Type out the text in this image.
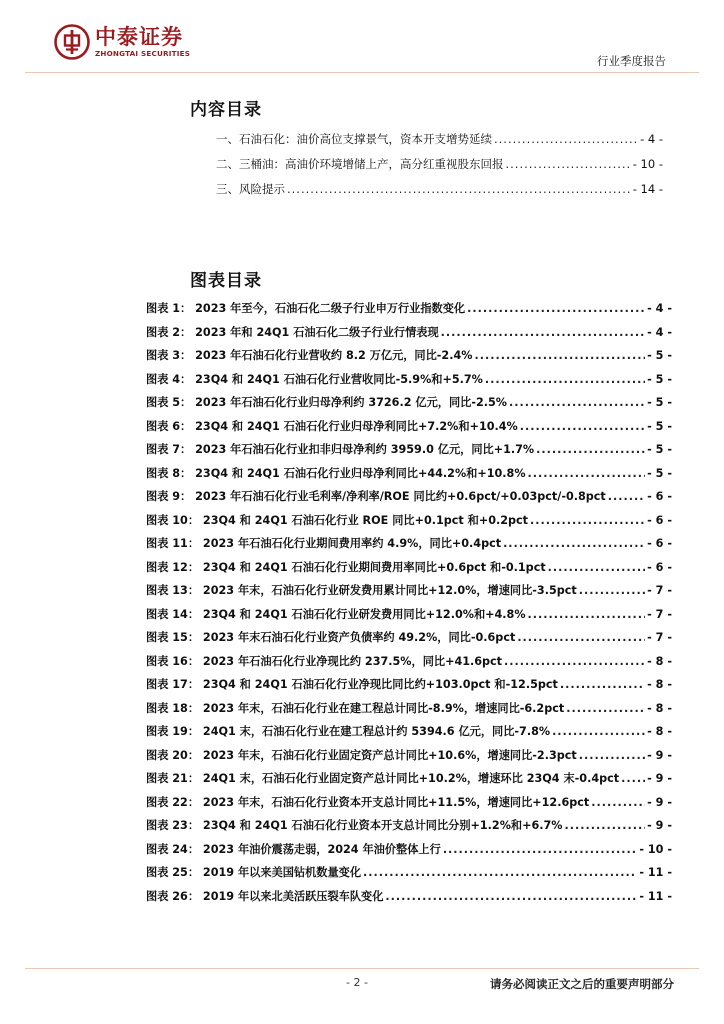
中泰证券
ZHONGTAI SECURITIES
行业季度报告
内容目录
一、石油石化：油价高位支撑景气，资本开支增势延续 .....	- 4 -
二、三桶油：高油价环境增储上产，高分红重视股东回报 .....	- 10 -
三、风险提示 .....	- 14 -
图表目录
图表 1： 2023 年至今，石油石化二级子行业申万行业指数变化 .....	- 4 -
图表 2： 2023 年和 24Q1 石油石化二级子行业行情表现 .....	- 4 -
图表 3： 2023 年石油石化行业营收约 8.2 万亿元，同比-2.4% .....	- 5 -
图表 4： 23Q4 和 24Q1 石油石化行业营收同比-5.9%和+5.7% .....	- 5 -
图表 5： 2023 年石油石化行业归母净利约 3726.2 亿元，同比-2.5% .....	- 5 -
图表 6： 23Q4 和 24Q1 石油石化行业归母净利同比+7.2%和+10.4% .....	- 5 -
图表 7： 2023 年石油石化行业扣非归母净利约 3959.0 亿元，同比+1.7% .....	- 5 -
图表 8： 23Q4 和 24Q1 石油石化行业归母净利同比+44.2%和+10.8% .....	- 5 -
图表 9： 2023 年石油石化行业毛利率/净利率/ROE 同比约+0.6pct/+0.03pct/-0.8pct .....	- 6 -
图表 10： 23Q4 和 24Q1 石油石化行业 ROE 同比+0.1pct 和+0.2pct .....	- 6 -
图表 11： 2023 年石油石化行业期间费用率约 4.9%，同比+0.4pct .....	- 6 -
图表 12： 23Q4 和 24Q1 石油石化行业期间费用率同比+0.6pct 和-0.1pct .....	- 6 -
图表 13： 2023 年末，石油石化行业研发费用累计同比+12.0%，增速同比-3.5pct .....	- 7 -
图表 14： 23Q4 和 24Q1 石油石化行业研发费用同比+12.0%和+4.8% .....	- 7 -
图表 15： 2023 年末石油石化行业资产负债率约 49.2%，同比-0.6pct .....	- 7 -
图表 16： 2023 年石油石化行业净现比约 237.5%，同比+41.6pct .....	- 8 -
图表 17： 23Q4 和 24Q1 石油石化行业净现比同比约+103.0pct 和-12.5pct .....	- 8 -
图表 18： 2023 年末，石油石化行业在建工程总计同比-8.9%，增速同比-6.2pct .....	- 8 -
图表 19： 24Q1 末，石油石化行业在建工程总计约 5394.6 亿元，同比-7.8% .....	- 8 -
图表 20： 2023 年末，石油石化行业固定资产总计同比+10.6%，增速同比-2.3pct .....	- 9 -
图表 21： 24Q1 末，石油石化行业固定资产总计同比+10.2%，增速环比 23Q4 末-0.4pct .....	- 9 -
图表 22： 2023 年末，石油石化行业资本开支总计同比+11.5%，增速同比+12.6pct .....	- 9 -
图表 23： 23Q4 和 24Q1 石油石化行业资本开支总计同比分别+1.2%和+6.7% .....	- 9 -
图表 24： 2023 年油价震荡走弱，2024 年油价整体上行 .....	- 10 -
图表 25： 2019 年以来美国钻机数量变化 .....	- 11 -
图表 26： 2019 年以来北美活跃压裂车队变化 .....	- 11 -
- 2 -	请务必阅读正文之后的重要声明部分
